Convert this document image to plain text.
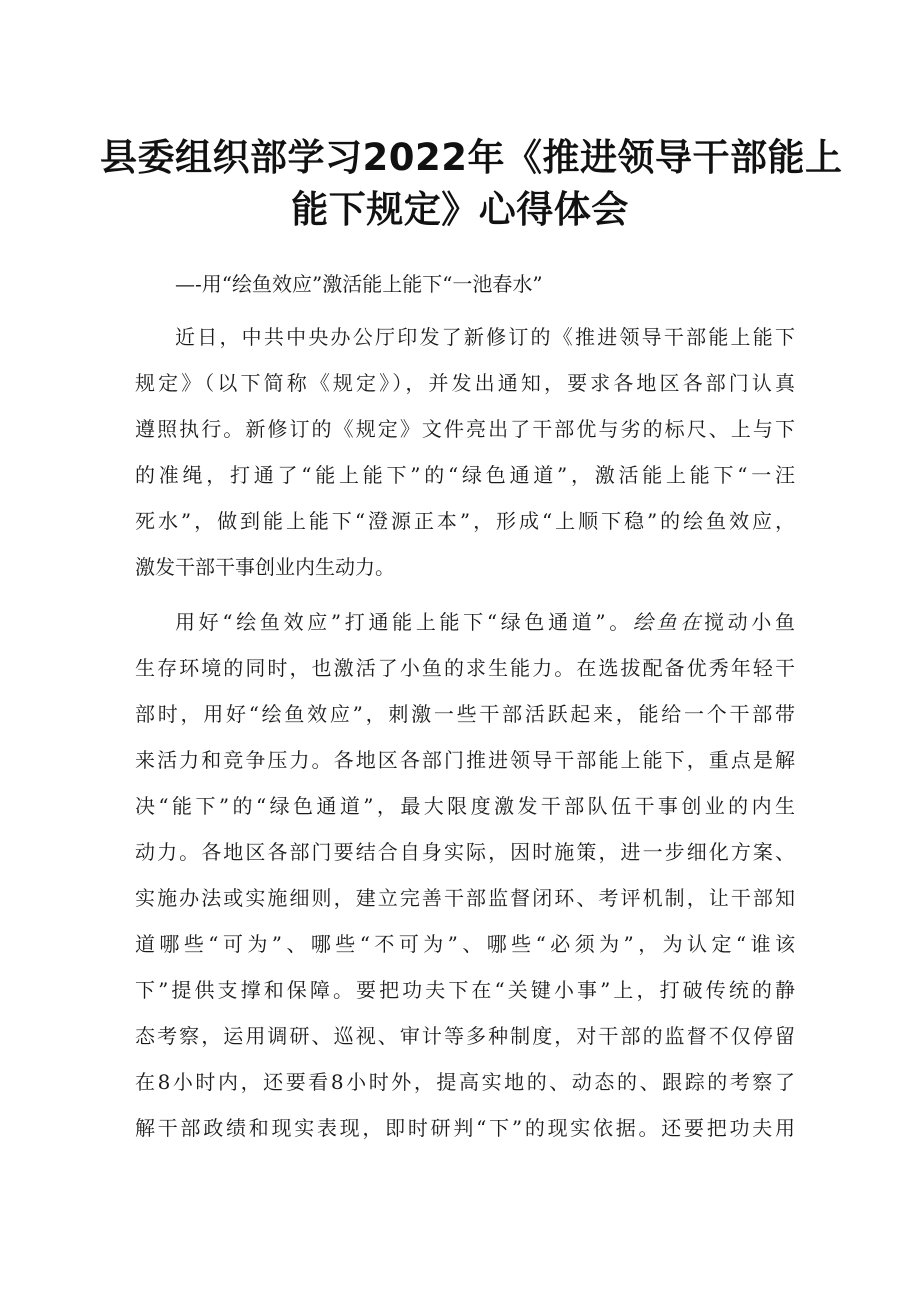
县委组织部学习2022年《推进领导干部能上
能下规定》心得体会
—-用“绘鱼效应”激活能上能下“一池春水”
近日，中共中央办公厅印发了新修订的《推进领导干部能上能下
规定》（以下简称《规定》），并发出通知，要求各地区各部门认真
遵照执行。新修订的《规定》文件亮出了干部优与劣的标尺、上与下
的准绳，打通了“能上能下”的“绿色通道”，激活能上能下“一汪
死水”，做到能上能下“澄源正本”，形成“上顺下稳”的绘鱼效应，
激发干部干事创业内生动力。
用好“绘鱼效应”打通能上能下“绿色通道”。绘鱼在搅动小鱼
生存环境的同时，也激活了小鱼的求生能力。在选拔配备优秀年轻干
部时，用好“绘鱼效应”，刺激一些干部活跃起来，能给一个干部带
来活力和竞争压力。各地区各部门推进领导干部能上能下，重点是解
决“能下”的“绿色通道”，最大限度激发干部队伍干事创业的内生
动力。各地区各部门要结合自身实际，因时施策，进一步细化方案、
实施办法或实施细则，建立完善干部监督闭环、考评机制，让干部知
道哪些“可为”、哪些“不可为”、哪些“必须为”，为认定“谁该
下”提供支撑和保障。要把功夫下在“关键小事”上，打破传统的静
态考察，运用调研、巡视、审计等多种制度，对干部的监督不仅停留
在8小时内，还要看8小时外，提高实地的、动态的、跟踪的考察了
解干部政绩和现实表现，即时研判“下”的现实依据。还要把功夫用
